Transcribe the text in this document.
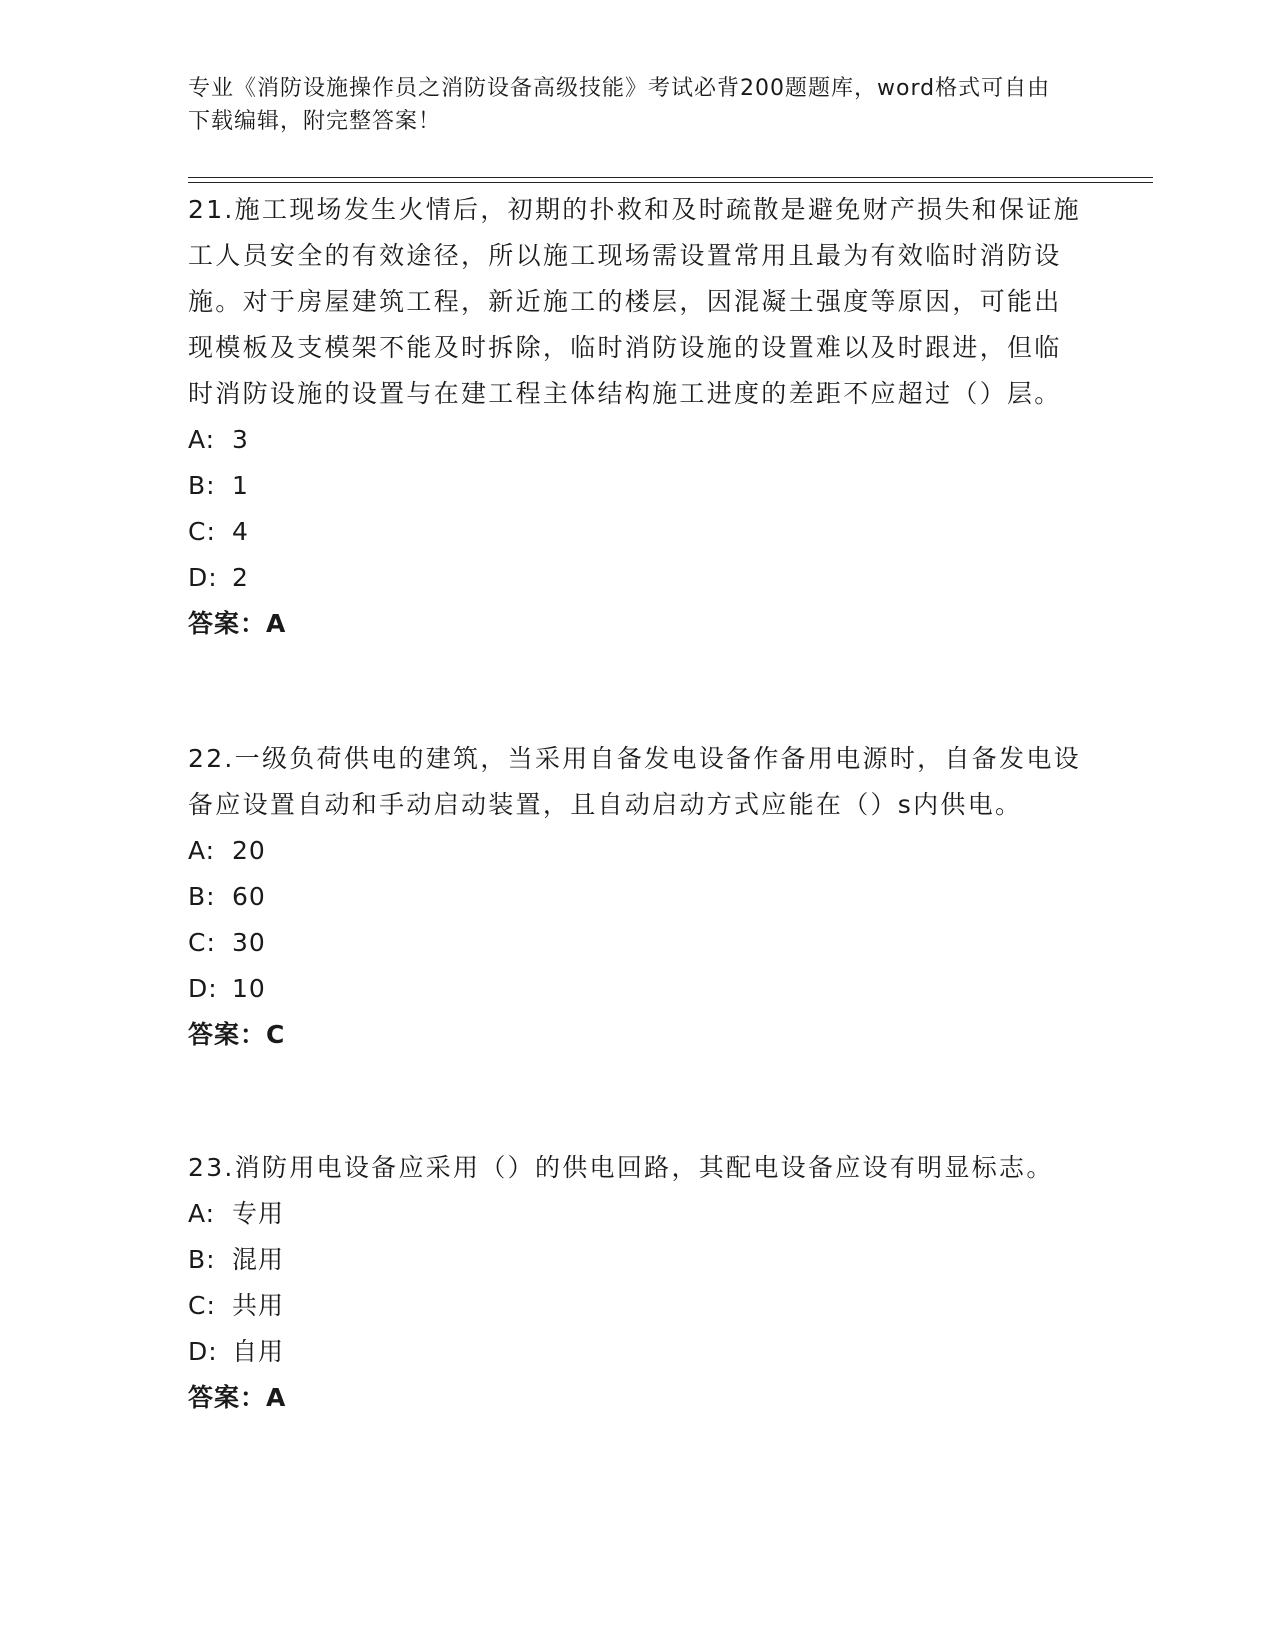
专业《消防设施操作员之消防设备高级技能》考试必背200题题库，word格式可自由下载编辑，附完整答案！

21.施工现场发生火情后，初期的扑救和及时疏散是避免财产损失和保证施工人员安全的有效途径，所以施工现场需设置常用且最为有效临时消防设施。对于房屋建筑工程，新近施工的楼层，因混凝土强度等原因，可能出现模板及支模架不能及时拆除，临时消防设施的设置难以及时跟进，但临时消防设施的设置与在建工程主体结构施工进度的差距不应超过（）层。

A: 3

B: 1

C: 4

D: 2

答案：A

22.一级负荷供电的建筑，当采用自备发电设备作备用电源时，自备发电设备应设置自动和手动启动装置，且自动启动方式应能在（）s内供电。

A: 20

B: 60

C: 30

D: 10

答案：C

23.消防用电设备应采用（）的供电回路，其配电设备应设有明显标志。

A: 专用

B: 混用

C: 共用

D: 自用

答案：A
